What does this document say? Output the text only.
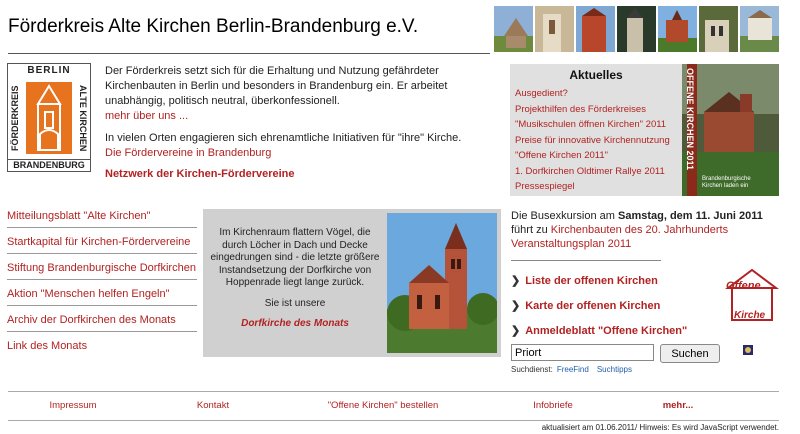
Förderkreis Alte Kirchen Berlin-Brandenburg e.V.
BERLIN
FÖRDERKREIS	ALTE KIRCHEN
BRANDENBURG

Der Förderkreis setzt sich für die Erhaltung und Nutzung gefährdeter Kirchenbauten in Berlin und besonders in Brandenburg ein. Er arbeitet unabhängig, politisch neutral, überkonfessionell.

mehr über uns ...

In vielen Orten engagieren sich ehrenamtliche Initiativen für "ihre" Kirche.

Die Fördervereine in Brandenburg

Netzwerk der Kirchen-Fördervereine

Aktuelles
Ausgedient?
Projekthilfen des Förderkreises
"Musikschulen öffnen Kirchen" 2011
Preise für innovative Kirchennutzung
"Offene Kirchen 2011"
1. Dorfkirchen Oldtimer Rallye 2011
Pressespiegel
OFFENE KIRCHEN 2011
Brandenburgische Kirchen laden ein
Mitteilungsblatt "Alte Kirchen"
Startkapital für Kirchen-Fördervereine
Stiftung Brandenburgische Dorfkirchen
Aktion "Menschen helfen Engeln"
Archiv der Dorfkirchen des Monats
Link des Monats

Im Kirchenraum flattern Vögel, die durch Löcher in Dach und Decke eingedrungen sind - die letzte größere Instandsetzung der Dorfkirche von Hoppenrade liegt lange zurück.

Sie ist unsere

Dorfkirche des Monats

Die Busexkursion am Samstag, dem 11. Juni 2011 führt zu Kirchenbauten des 20. Jahrhunderts
Veranstaltungsplan 2011
❯ Liste der offenen Kirchen
❯ Karte der offenen Kirchen
❯ Anmeldeblatt "Offene Kirchen"
Offene
Kirche
Priort
Suchen
Suchdienst: FreeFind Suchtipps
Impressum	Kontakt	"Offene Kirchen" bestellen	Infobriefe	mehr...
aktualisiert am 01.06.2011/ Hinweis: Es wird JavaScript verwendet.
